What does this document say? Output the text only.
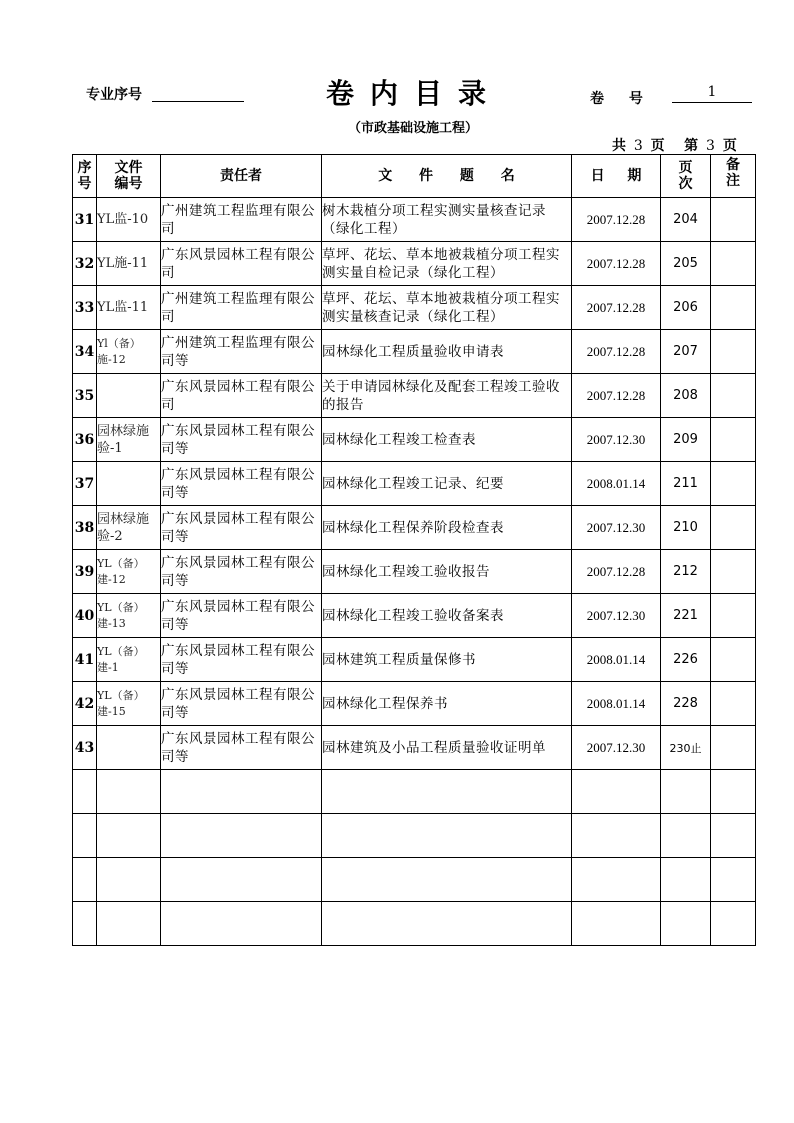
专业序号	卷内目录	卷 号	1
（市政基础设施工程）
共 3 页 第 3 页
序号	文件编号	责任者	文 件 题 名	日 期	页次	备注

31	YL监-10	广州建筑工程监理有限公司	树木栽植分项工程实测实量核查记录（绿化工程）	2007.12.28	204	
32	YL施-11	广东风景园林工程有限公司	草坪、花坛、草本地被栽植分项工程实测实量自检记录（绿化工程）	2007.12.28	205	
33	YL监-11	广州建筑工程监理有限公司	草坪、花坛、草本地被栽植分项工程实测实量核查记录（绿化工程）	2007.12.28	206	
34	Yl（备）施-12	广州建筑工程监理有限公司等	园林绿化工程质量验收申请表	2007.12.28	207	
35		广东风景园林工程有限公司	关于申请园林绿化及配套工程竣工验收的报告	2007.12.28	208	
36	园林绿施验-1	广东风景园林工程有限公司等	园林绿化工程竣工检查表	2007.12.30	209	
37		广东风景园林工程有限公司等	园林绿化工程竣工记录、纪要	2008.01.14	211	
38	园林绿施验-2	广东风景园林工程有限公司等	园林绿化工程保养阶段检查表	2007.12.30	210	
39	YL（备）建-12	广东风景园林工程有限公司等	园林绿化工程竣工验收报告	2007.12.28	212	
40	YL（备）建-13	广东风景园林工程有限公司等	园林绿化工程竣工验收备案表	2007.12.30	221	
41	YL（备）建-1	广东风景园林工程有限公司等	园林建筑工程质量保修书	2008.01.14	226	
42	YL（备）建-15	广东风景园林工程有限公司等	园林绿化工程保养书	2008.01.14	228	
43		广东风景园林工程有限公司等	园林建筑及小品工程质量验收证明单	2007.12.30	230止	
